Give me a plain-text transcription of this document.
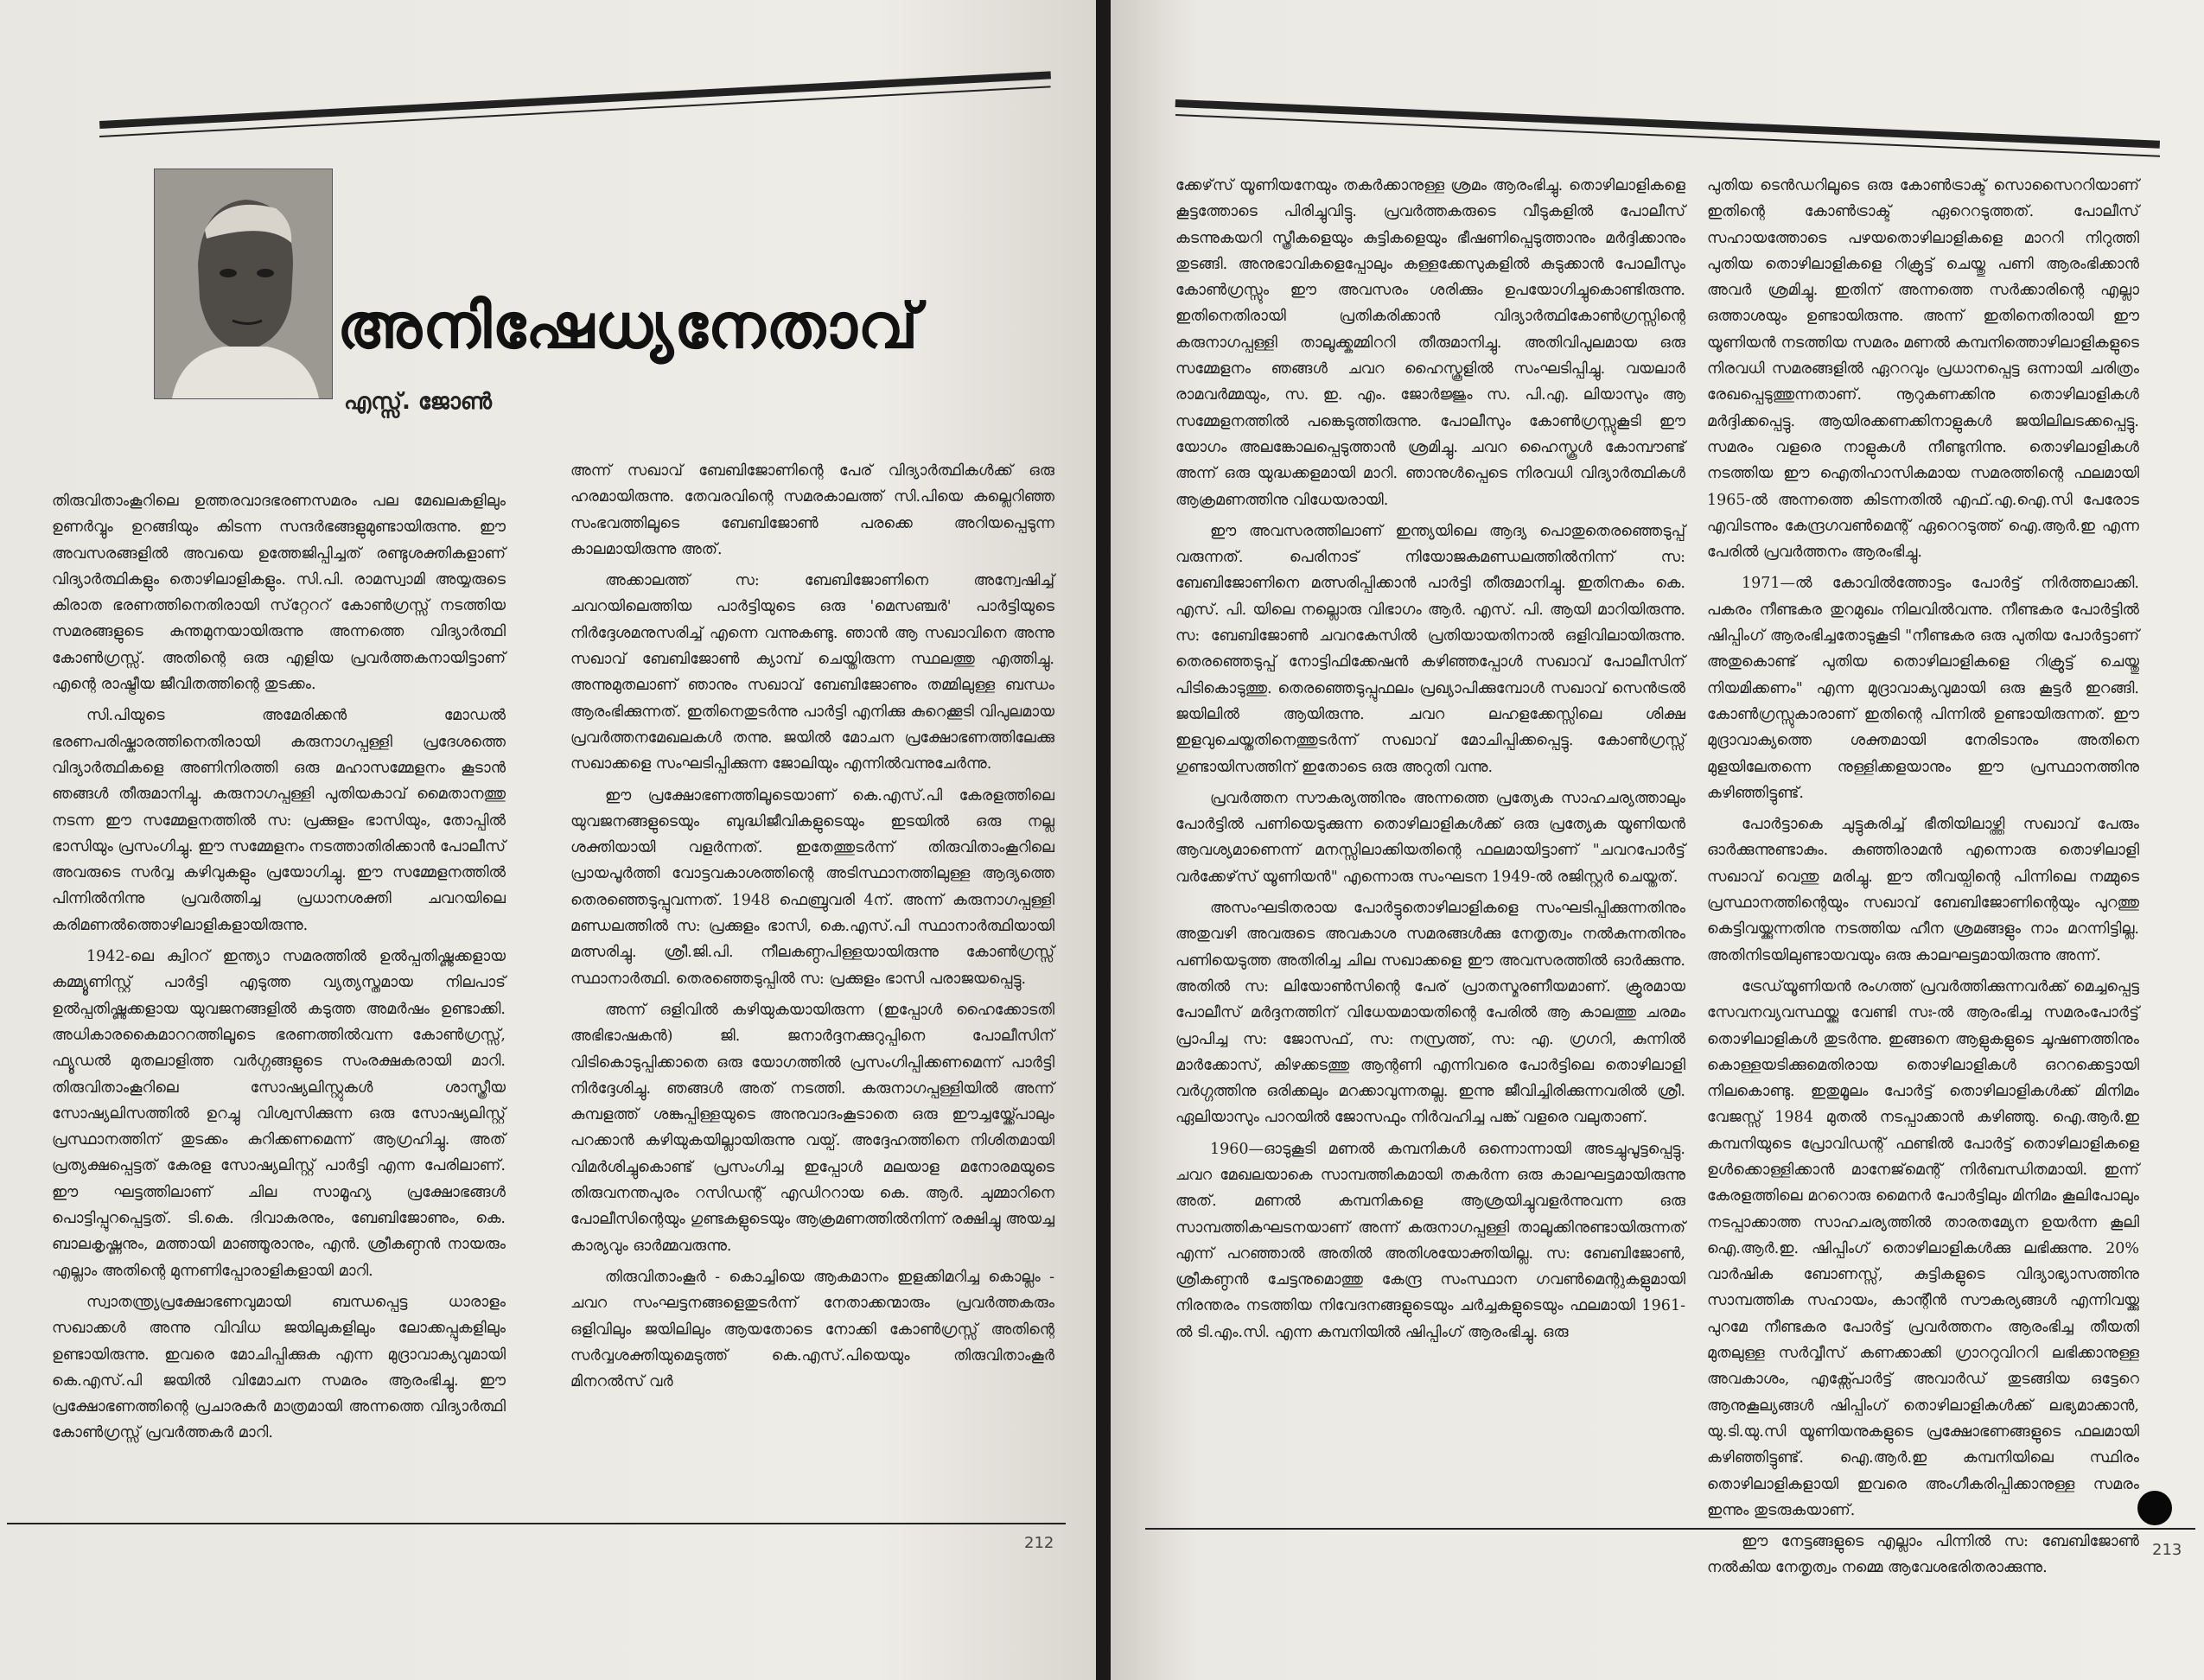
അനിഷേധ്യനേതാവ്
എസ്സ്. ജോൺ

തിരുവിതാംകൂറിലെ ഉത്തരവാദഭരണസമരം പല മേഖലകളിലും ഉണർവ്വും ഉറങ്ങിയും കിടന്ന സന്ദർഭങ്ങളുമുണ്ടായിരുന്നു. ഈ അവസരങ്ങളിൽ അവയെ ഉത്തേജിപ്പിച്ചത് രണ്ടുശക്തികളാണ് വിദ്യാർത്ഥികളും തൊഴിലാളികളും. സി.പി. രാമസ്വാമി അയ്യരുടെ കിരാത ഭരണത്തിനെതിരായി സ്‌റ്റേററ് കോൺഗ്രസ്സ് നടത്തിയ സമരങ്ങളുടെ കുന്തമുനയായിരുന്നു അന്നത്തെ വിദ്യാർത്ഥി കോൺഗ്രസ്സ്. അതിന്റെ ഒരു എളിയ പ്രവർത്തകനായിട്ടാണ് എന്റെ രാഷ്ട്രീയ ജീവിതത്തിന്റെ തുടക്കം.

സി.പിയുടെ അമേരിക്കൻ മോഡൽ ഭരണപരിഷ്കാരത്തിനെതിരായി കരുനാഗപ്പള്ളി പ്രദേശത്തെ വിദ്യാർത്ഥികളെ അണിനിരത്തി ഒരു മഹാസമ്മേളനം കൂടാൻ ഞങ്ങൾ തീരുമാനിച്ചു. കരുനാഗപ്പള്ളി പുതിയകാവ് മൈതാനത്തു നടന്ന ഈ സമ്മേളനത്തിൽ സ: പ്രക്കുളം ഭാസിയും, തോപ്പിൽ ഭാസിയും പ്രസംഗിച്ചു. ഈ സമ്മേളനം നടത്താതിരിക്കാൻ പോലീസ് അവരുടെ സർവ്വ കഴിവുകളും പ്രയോഗിച്ചു. ഈ സമ്മേളനത്തിൽ പിന്നിൽനിന്നു പ്രവർത്തിച്ച പ്രധാനശക്തി ചവറയിലെ കരിമണൽത്തൊഴിലാളികളായിരുന്നു.

1942-ലെ ക്വിററ് ഇന്ത്യാ സമരത്തിൽ ഉൽപ്പതിഷ്ണുക്കളായ കമ്മ്യൂണിസ്റ്റ് പാർട്ടി എടുത്ത വ്യത്യസ്തമായ നിലപാട് ഉൽപ്പതിഷ്ണുക്കളായ യുവജനങ്ങളിൽ കടുത്ത അമർഷം ഉണ്ടാക്കി. അധികാരകൈമാററത്തിലൂടെ ഭരണത്തിൽവന്ന കോൺഗ്രസ്സ്, ഫ്യൂഡൽ മുതലാളിത്ത വർഗ്ഗങ്ങളുടെ സംരക്ഷകരായി മാറി. തിരുവിതാംകൂറിലെ സോഷ്യലിസ്റ്റുകൾ ശാസ്ത്രീയ സോഷ്യലിസത്തിൽ ഉറച്ചു വിശ്വസിക്കുന്ന ഒരു സോഷ്യലിസ്റ്റ് പ്രസ്ഥാനത്തിന് തുടക്കം കുറിക്കണമെന്ന് ആഗ്രഹിച്ചു. അത് പ്രത്യക്ഷപ്പെട്ടത് കേരള സോഷ്യലിസ്റ്റ് പാർട്ടി എന്ന പേരിലാണ്. ഈ ഘട്ടത്തിലാണ് ചില സാമൂഹ്യ പ്രക്ഷോഭങ്ങൾ പൊട്ടിപ്പുറപ്പെട്ടത്. ടി.കെ. ദിവാകരനും, ബേബിജോണും, കെ. ബാലകൃഷ്ണനും, മത്തായി മാഞ്ഞൂരാനും, എൻ. ശ്രീകണ്ഠൻ നായരും എല്ലാം അതിന്റെ മുന്നണിപ്പോരാളികളായി മാറി.

സ്വാതന്ത്ര്യപ്രക്ഷോഭണവുമായി ബന്ധപ്പെട്ട ധാരാളം സഖാക്കൾ അന്നു വിവിധ ജയിലുകളിലും ലോക്കപ്പുകളിലും ഉണ്ടായിരുന്നു. ഇവരെ മോചിപ്പിക്കുക എന്ന മുദ്രാവാക്യവുമായി കെ.എസ്.പി ജയിൽ വിമോചന സമരം ആരംഭിച്ചു. ഈ പ്രക്ഷോഭണത്തിന്റെ പ്രചാരകർ മാത്രമായി അന്നത്തെ വിദ്യാർത്ഥി കോൺഗ്രസ്സ് പ്രവർത്തകർ മാറി.

അന്ന് സഖാവ് ബേബിജോണിന്റെ പേര് വിദ്യാർത്ഥികൾക്ക് ഒരു ഹരമായിരുന്നു. തേവരവിന്റെ സമരകാലത്ത് സി.പിയെ കല്ലെറിഞ്ഞ സംഭവത്തിലൂടെ ബേബിജോൺ പരക്കെ അറിയപ്പെടുന്ന കാലമായിരുന്നു അത്.

അക്കാലത്ത് സ: ബേബിജോണിനെ അന്വേഷിച്ച് ചവറയിലെത്തിയ പാർട്ടിയുടെ ഒരു 'മെസഞ്ചർ' പാർട്ടിയുടെ നിർദ്ദേശമനുസരിച്ച് എന്നെ വന്നുകണ്ടു. ഞാൻ ആ സഖാവിനെ അന്നു സഖാവ് ബേബിജോൺ ക്യാമ്പ് ചെയ്തിരുന്ന സ്ഥലത്തു എത്തിച്ചു. അന്നുമുതലാണ് ഞാനും സഖാവ് ബേബിജോണും തമ്മിലുള്ള ബന്ധം ആരംഭിക്കുന്നത്. ഇതിനെതുടർന്നു പാർട്ടി എനിക്കു കുറെക്കൂടി വിപുലമായ പ്രവർത്തനമേഖലകൾ തന്നു. ജയിൽ മോചന പ്രക്ഷോഭണത്തിലേക്കു സഖാക്കളെ സംഘടിപ്പിക്കുന്ന ജോലിയും എന്നിൽവന്നുചേർന്നു.

ഈ പ്രക്ഷോഭണത്തിലൂടെയാണ് കെ.എസ്.പി കേരളത്തിലെ യുവജനങ്ങളുടെയും ബുദ്ധിജീവികളുടെയും ഇടയിൽ ഒരു നല്ല ശക്തിയായി വളർന്നത്. ഇതേത്തുടർന്ന് തിരുവിതാംകൂറിലെ പ്രായപൂർത്തി വോട്ടവകാശത്തിന്റെ അടിസ്ഥാനത്തിലുള്ള ആദ്യത്തെ തെരഞ്ഞെടുപ്പുവന്നത്. 1948 ഫെബ്രുവരി 4ന്. അന്ന് കരുനാഗപ്പള്ളി മണ്ഡലത്തിൽ സ: പ്രക്കുളം ഭാസി, കെ.എസ്.പി സ്ഥാനാർത്ഥിയായി മത്സരിച്ചു. ശ്രീ.ജി.പി. നീലകണ്ഠപിള്ളയായിരുന്നു കോൺഗ്രസ്സ് സ്ഥാനാർത്ഥി. തെരഞ്ഞെടുപ്പിൽ സ: പ്രക്കുളം ഭാസി പരാജയപ്പെട്ടു.

അന്ന് ഒളിവിൽ കഴിയുകയായിരുന്ന (ഇപ്പോൾ ഹൈക്കോടതി അഭിഭാഷകൻ) ജി. ജനാർദ്ദനക്കുറുപ്പിനെ പോലീസിന് വിടികൊടുപ്പിക്കാതെ ഒരു യോഗത്തിൽ പ്രസംഗിപ്പിക്കണമെന്ന് പാർട്ടി നിർദ്ദേശിച്ചു. ഞങ്ങൾ അത് നടത്തി. കരുനാഗപ്പള്ളിയിൽ അന്ന് കുമ്പളത്ത് ശങ്കുപ്പിള്ളയുടെ അനുവാദംകൂടാതെ ഒരു ഈച്ചയ്ക്ക്പോലും പറക്കാൻ കഴിയുകയില്ലായിരുന്നു വയ്പ്. അദ്ദേഹത്തിനെ നിശിതമായി വിമർശിച്ചുകൊണ്ട് പ്രസംഗിച്ച ഇപ്പോൾ മലയാള മനോരമയുടെ തിരുവനന്തപുരം റസിഡന്റ് എഡിററായ കെ. ആർ. ചുമ്മാറിനെ പോലീസിന്റെയും ഗുണ്ടകളുടെയും ആക്രമണത്തിൽനിന്ന് രക്ഷിച്ചു അയച്ച കാര്യവും ഓർമ്മവരുന്നു.

തിരുവിതാംകൂർ - കൊച്ചിയെ ആകമാനം ഇളക്കിമറിച്ച കൊല്ലം - ചവറ സംഘട്ടനങ്ങളെതുടർന്ന് നേതാക്കന്മാരും പ്രവർത്തകരും ഒളിവിലും ജയിലിലും ആയതോടെ നോക്കി കോൺഗ്രസ്സ് അതിന്റെ സർവ്വശക്തിയുമെടുത്ത് കെ.എസ്.പിയെയും തിരുവിതാംകൂർ മിനറൽസ് വർ

212

ക്കേഴ്‌സ് യൂണിയനേയും തകർക്കാനുള്ള ശ്രമം ആരംഭിച്ചു. തൊഴിലാളികളെ കൂട്ടത്തോടെ പിരിച്ചുവിട്ടു. പ്രവർത്തകരുടെ വീടുകളിൽ പോലീസ് കടന്നുകയറി സ്ത്രീകളെയും കുട്ടികളെയും ഭീഷണിപ്പെടുത്താനും മർദ്ദിക്കാനും തുടങ്ങി. അനുഭാവികളെപ്പോലും കള്ളക്കേസുകളിൽ കുടുക്കാൻ പോലീസും കോൺഗ്രസ്സും ഈ അവസരം ശരിക്കും ഉപയോഗിച്ചുകൊണ്ടിരുന്നു. ഇതിനെതിരായി പ്രതികരിക്കാൻ വിദ്യാർത്ഥികോൺഗ്രസ്സിന്റെ കരുനാഗപ്പള്ളി താലൂക്ക്കമ്മിററി തീരുമാനിച്ചു. അതിവിപുലമായ ഒരു സമ്മേളനം ഞങ്ങൾ ചവറ ഹൈസ്കൂളിൽ സംഘടിപ്പിച്ചു. വയലാർ രാമവർമ്മയും, സ. ഇ. എം. ജോർജ്ജും സ. പി.എ. ലിയാസും ആ സമ്മേളനത്തിൽ പങ്കെടുത്തിരുന്നു. പോലീസും കോൺഗ്രസ്സുകൂടി ഈ യോഗം അലങ്കോലപ്പെടുത്താൻ ശ്രമിച്ചു. ചവറ ഹൈസ്കൂൾ കോമ്പൗണ്ട് അന്ന് ഒരു യുദ്ധക്കളമായി മാറി. ഞാനുൾപ്പെടെ നിരവധി വിദ്യാർത്ഥികൾ ആക്രമണത്തിനു വിധേയരായി.

ഈ അവസരത്തിലാണ് ഇന്ത്യയിലെ ആദ്യ പൊതുതെരഞ്ഞെടുപ്പ് വരുന്നത്. പെരിനാട് നിയോജകമണ്ഡലത്തിൽനിന്ന് സ: ബേബിജോണിനെ മത്സരിപ്പിക്കാൻ പാർട്ടി തീരുമാനിച്ചു. ഇതിനകം കെ. എസ്. പി. യിലെ നല്ലൊരു വിഭാഗം ആർ. എസ്. പി. ആയി മാറിയിരുന്നു. സ: ബേബിജോൺ ചവറകേസിൽ പ്രതിയായതിനാൽ ഒളിവിലായിരുന്നു. തെരഞ്ഞെടുപ്പ് നോട്ടിഫിക്കേഷൻ കഴിഞ്ഞപ്പോൾ സഖാവ് പോലീസിന് പിടികൊടുത്തു. തെരഞ്ഞെടുപ്പുഫലം പ്രഖ്യാപിക്കുമ്പോൾ സഖാവ് സെൻട്രൽ ജയിലിൽ ആയിരുന്നു. ചവറ ലഹളക്കേസ്സിലെ ശിക്ഷ ഇളവുചെയ്തതിനെത്തുടർന്ന് സഖാവ് മോചിപ്പിക്കപ്പെട്ടു. കോൺഗ്രസ്സ് ഗുണ്ടായിസത്തിന് ഇതോടെ ഒരു അറുതി വന്നു.

പ്രവർത്തന സൗകര്യത്തിനും അന്നത്തെ പ്രത്യേക സാഹചര്യത്താലും പോർട്ടിൽ പണിയെടുക്കുന്ന തൊഴിലാളികൾക്ക് ഒരു പ്രത്യേക യൂണിയൻ ആവശ്യമാണെന്ന് മനസ്സിലാക്കിയതിന്റെ ഫലമായിട്ടാണ് "ചവറപോർട്ട് വർക്കേഴ്‌സ് യൂണിയൻ" എന്നൊരു സംഘടന 1949-ൽ രജിസ്റ്റർ ചെയ്തത്.

അസംഘടിതരായ പോർട്ടുതൊഴിലാളികളെ സംഘടിപ്പിക്കുന്നതിനും അതുവഴി അവരുടെ അവകാശ സമരങ്ങൾക്കു നേതൃത്വം നൽകുന്നതിനും പണിയെടുത്ത അതിരിച്ച ചില സഖാക്കളെ ഈ അവസരത്തിൽ ഓർക്കുന്നു. അതിൽ സ: ലിയോൺസിന്റെ പേര് പ്രാതസ്മരണീയമാണ്. ക്രൂരമായ പോലീസ് മർദ്ദനത്തിന് വിധേയമായതിന്റെ പേരിൽ ആ കാലത്തു ചരമം പ്രാപിച്ച സ: ജോസഫ്, സ: നസ്രത്ത്, സ: എ. ഗ്രഗറി, കുന്നിൽ മാർക്കോസ്, കിഴക്കടത്തു ആന്റണി എന്നിവരെ പോർട്ടിലെ തൊഴിലാളി വർഗ്ഗത്തിനു ഒരിക്കലും മറക്കാവുന്നതല്ല. ഇന്നു ജീവിച്ചിരിക്കുന്നവരിൽ ശ്രീ. ഏലിയാസും പാറയിൽ ജോസഫും നിർവഹിച്ച പങ്ക് വളരെ വലുതാണ്.

1960—ഓടുകൂടി മണൽ കമ്പനികൾ ഒന്നൊന്നായി അടച്ചുപൂട്ടപ്പെട്ടു. ചവറ മേഖലയാകെ സാമ്പത്തികമായി തകർന്ന ഒരു കാലഘട്ടമായിരുന്നു അത്. മണൽ കമ്പനികളെ ആശ്രയിച്ചുവളർന്നുവന്ന ഒരു സാമ്പത്തികഘടനയാണ് അന്ന് കരുനാഗപ്പള്ളി താലൂക്കിനുണ്ടായിരുന്നത് എന്ന് പറഞ്ഞാൽ അതിൽ അതിശയോക്തിയില്ല. സ: ബേബിജോൺ, ശ്രീകണ്ഠൻ ചേട്ടനുമൊത്തു കേന്ദ്ര സംസ്ഥാന ഗവൺമെന്റുകളുമായി നിരന്തരം നടത്തിയ നിവേദനങ്ങളുടെയും ചർച്ചകളുടെയും ഫലമായി 1961-ൽ ടി.എം.സി. എന്ന കമ്പനിയിൽ ഷിപ്പിംഗ് ആരംഭിച്ചു. ഒരു

പുതിയ ടെൻഡറിലൂടെ ഒരു കോൺട്രാക്ട് സൊസൈററിയാണ് ഇതിന്റെ കോൺട്രാക്ട് ഏറെറടുത്തത്. പോലീസ് സഹായത്തോടെ പഴയതൊഴിലാളികളെ മാററി നിറുത്തി പുതിയ തൊഴിലാളികളെ റിക്രൂട്ട് ചെയ്തു പണി ആരംഭിക്കാൻ അവർ ശ്രമിച്ചു. ഇതിന് അന്നത്തെ സർക്കാരിന്റെ എല്ലാ ഒത്താശയും ഉണ്ടായിരുന്നു. അന്ന് ഇതിനെതിരായി ഈ യൂണിയൻ നടത്തിയ സമരം മണൽ കമ്പനിത്തൊഴിലാളികളുടെ നിരവധി സമരങ്ങളിൽ ഏററവും പ്രധാനപ്പെട്ട ഒന്നായി ചരിത്രം രേഖപ്പെടുത്തുന്നതാണ്. നൂറുകണക്കിനു തൊഴിലാളികൾ മർദ്ദിക്കപ്പെട്ടു. ആയിരക്കണക്കിനാളുകൾ ജയിലിലടക്കപ്പെട്ടു. സമരം വളരെ നാളുകൾ നീണ്ടുനിന്നു. തൊഴിലാളികൾ നടത്തിയ ഈ ഐതിഹാസികമായ സമരത്തിന്റെ ഫലമായി 1965-ൽ അന്നത്തെ കിടന്നതിൽ എഫ്.എ.ഐ.സി പേരോട എവിടന്നും കേന്ദ്രഗവൺമെന്റ് ഏറെറടുത്ത് ഐ.ആർ.ഇ എന്ന പേരിൽ പ്രവർത്തനം ആരംഭിച്ചു.

1971—ൽ കോവിൽത്തോട്ടം പോർട്ട് നിർത്തലാക്കി. പകരം നീണ്ടകര തുറമുഖം നിലവിൽവന്നു. നീണ്ടകര പോർട്ടിൽ ഷിപ്പിംഗ് ആരംഭിച്ചതോടുകൂടി "നീണ്ടകര ഒരു പുതിയ പോർട്ടാണ് അതുകൊണ്ട് പുതിയ തൊഴിലാളികളെ റിക്രൂട്ട് ചെയ്തു നിയമിക്കണം" എന്ന മുദ്രാവാക്യവുമായി ഒരു കൂട്ടർ ഇറങ്ങി. കോൺഗ്രസ്സുകാരാണ് ഇതിന്റെ പിന്നിൽ ഉണ്ടായിരുന്നത്. ഈ മുദ്രാവാക്യത്തെ ശക്തമായി നേരിടാനും അതിനെ മുളയിലേതന്നെ നുള്ളിക്കളയാനും ഈ പ്രസ്ഥാനത്തിനു കഴിഞ്ഞിട്ടുണ്ട്.

പോർട്ടാകെ ചുട്ടുകരിച്ച് ഭീതിയിലാഴ്ത്തി സഖാവ് പേരും ഓർക്കുന്നുണ്ടാകും. കുഞ്ഞിരാമൻ എന്നൊരു തൊഴിലാളി സഖാവ് വെന്തു മരിച്ചു. ഈ തീവയ്പിന്റെ പിന്നിലെ നമ്മുടെ പ്രസ്ഥാനത്തിന്റെയും സഖാവ് ബേബിജോണിന്റെയും പുറത്തു കെട്ടിവയ്ക്കുന്നതിനു നടത്തിയ ഹീന ശ്രമങ്ങളും നാം മറന്നിട്ടില്ല. അതിനിടയിലുണ്ടായവയും ഒരു കാലഘട്ടമായിരുന്നു അന്ന്.

ട്രേഡ്‌യൂണിയൻ രംഗത്ത് പ്രവർത്തിക്കുന്നവർക്ക് മെച്ചപ്പെട്ട സേവനവ്യവസ്ഥയ്ക്കു വേണ്ടി സഃ-ൽ ആരംഭിച്ച സമരംപോർട്ട് തൊഴിലാളികൾ തുടർന്നു. ഇങ്ങനെ ആളുകളുടെ ചൂഷണത്തിനും കൊള്ളയടിക്കുമെതിരായ തൊഴിലാളികൾ ഒററക്കെട്ടായി നിലകൊണ്ടു. ഇതുമൂലം പോർട്ട് തൊഴിലാളികൾക്ക് മിനിമം വേജസ്സ് 1984 മുതൽ നടപ്പാക്കാൻ കഴിഞ്ഞു. ഐ.ആർ.ഇ കമ്പനിയുടെ പ്രോവിഡന്റ് ഫണ്ടിൽ പോർട്ട് തൊഴിലാളികളെ ഉൾക്കൊള്ളിക്കാൻ മാനേജ്‌മെന്റ് നിർബന്ധിതമായി. ഇന്ന് കേരളത്തിലെ മററൊരു മൈനർ പോർട്ടിലും മിനിമം കൂലിപോലും നടപ്പാക്കാത്ത സാഹചര്യത്തിൽ താരതമ്യേന ഉയർന്ന കൂലി ഐ.ആർ.ഇ. ഷിപ്പിംഗ് തൊഴിലാളികൾക്കു ലഭിക്കുന്നു. 20% വാർഷിക ബോണസ്സ്, കുട്ടികളുടെ വിദ്യാഭ്യാസത്തിനു സാമ്പത്തിക സഹായം, കാന്റീൻ സൗകര്യങ്ങൾ എന്നിവയ്ക്കു പുറമേ നീണ്ടകര പോർട്ട് പ്രവർത്തനം ആരംഭിച്ച തീയതി മുതലുള്ള സർവ്വീസ് കണക്കാക്കി ഗ്രാററുവിററി ലഭിക്കാനുള്ള അവകാശം, എക്സ്പോർട്ട് അവാർഡ് തുടങ്ങിയ ഒട്ടേറെ ആനുകൂല്യങ്ങൾ ഷിപ്പിംഗ് തൊഴിലാളികൾക്ക് ലഭ്യമാക്കാൻ, യു.ടി.യു.സി യൂണിയനുകളുടെ പ്രക്ഷോഭണങ്ങളുടെ ഫലമായി കഴിഞ്ഞിട്ടുണ്ട്. ഐ.ആർ.ഇ കമ്പനിയിലെ സ്ഥിരം തൊഴിലാളികളായി ഇവരെ അംഗീകരിപ്പിക്കാനുള്ള സമരം ഇന്നും തുടരുകയാണ്.

ഈ നേട്ടങ്ങളുടെ എല്ലാം പിന്നിൽ സ: ബേബിജോൺ നൽകിയ നേതൃത്വം നമ്മെ ആവേശഭരിതരാക്കുന്നു.

213
